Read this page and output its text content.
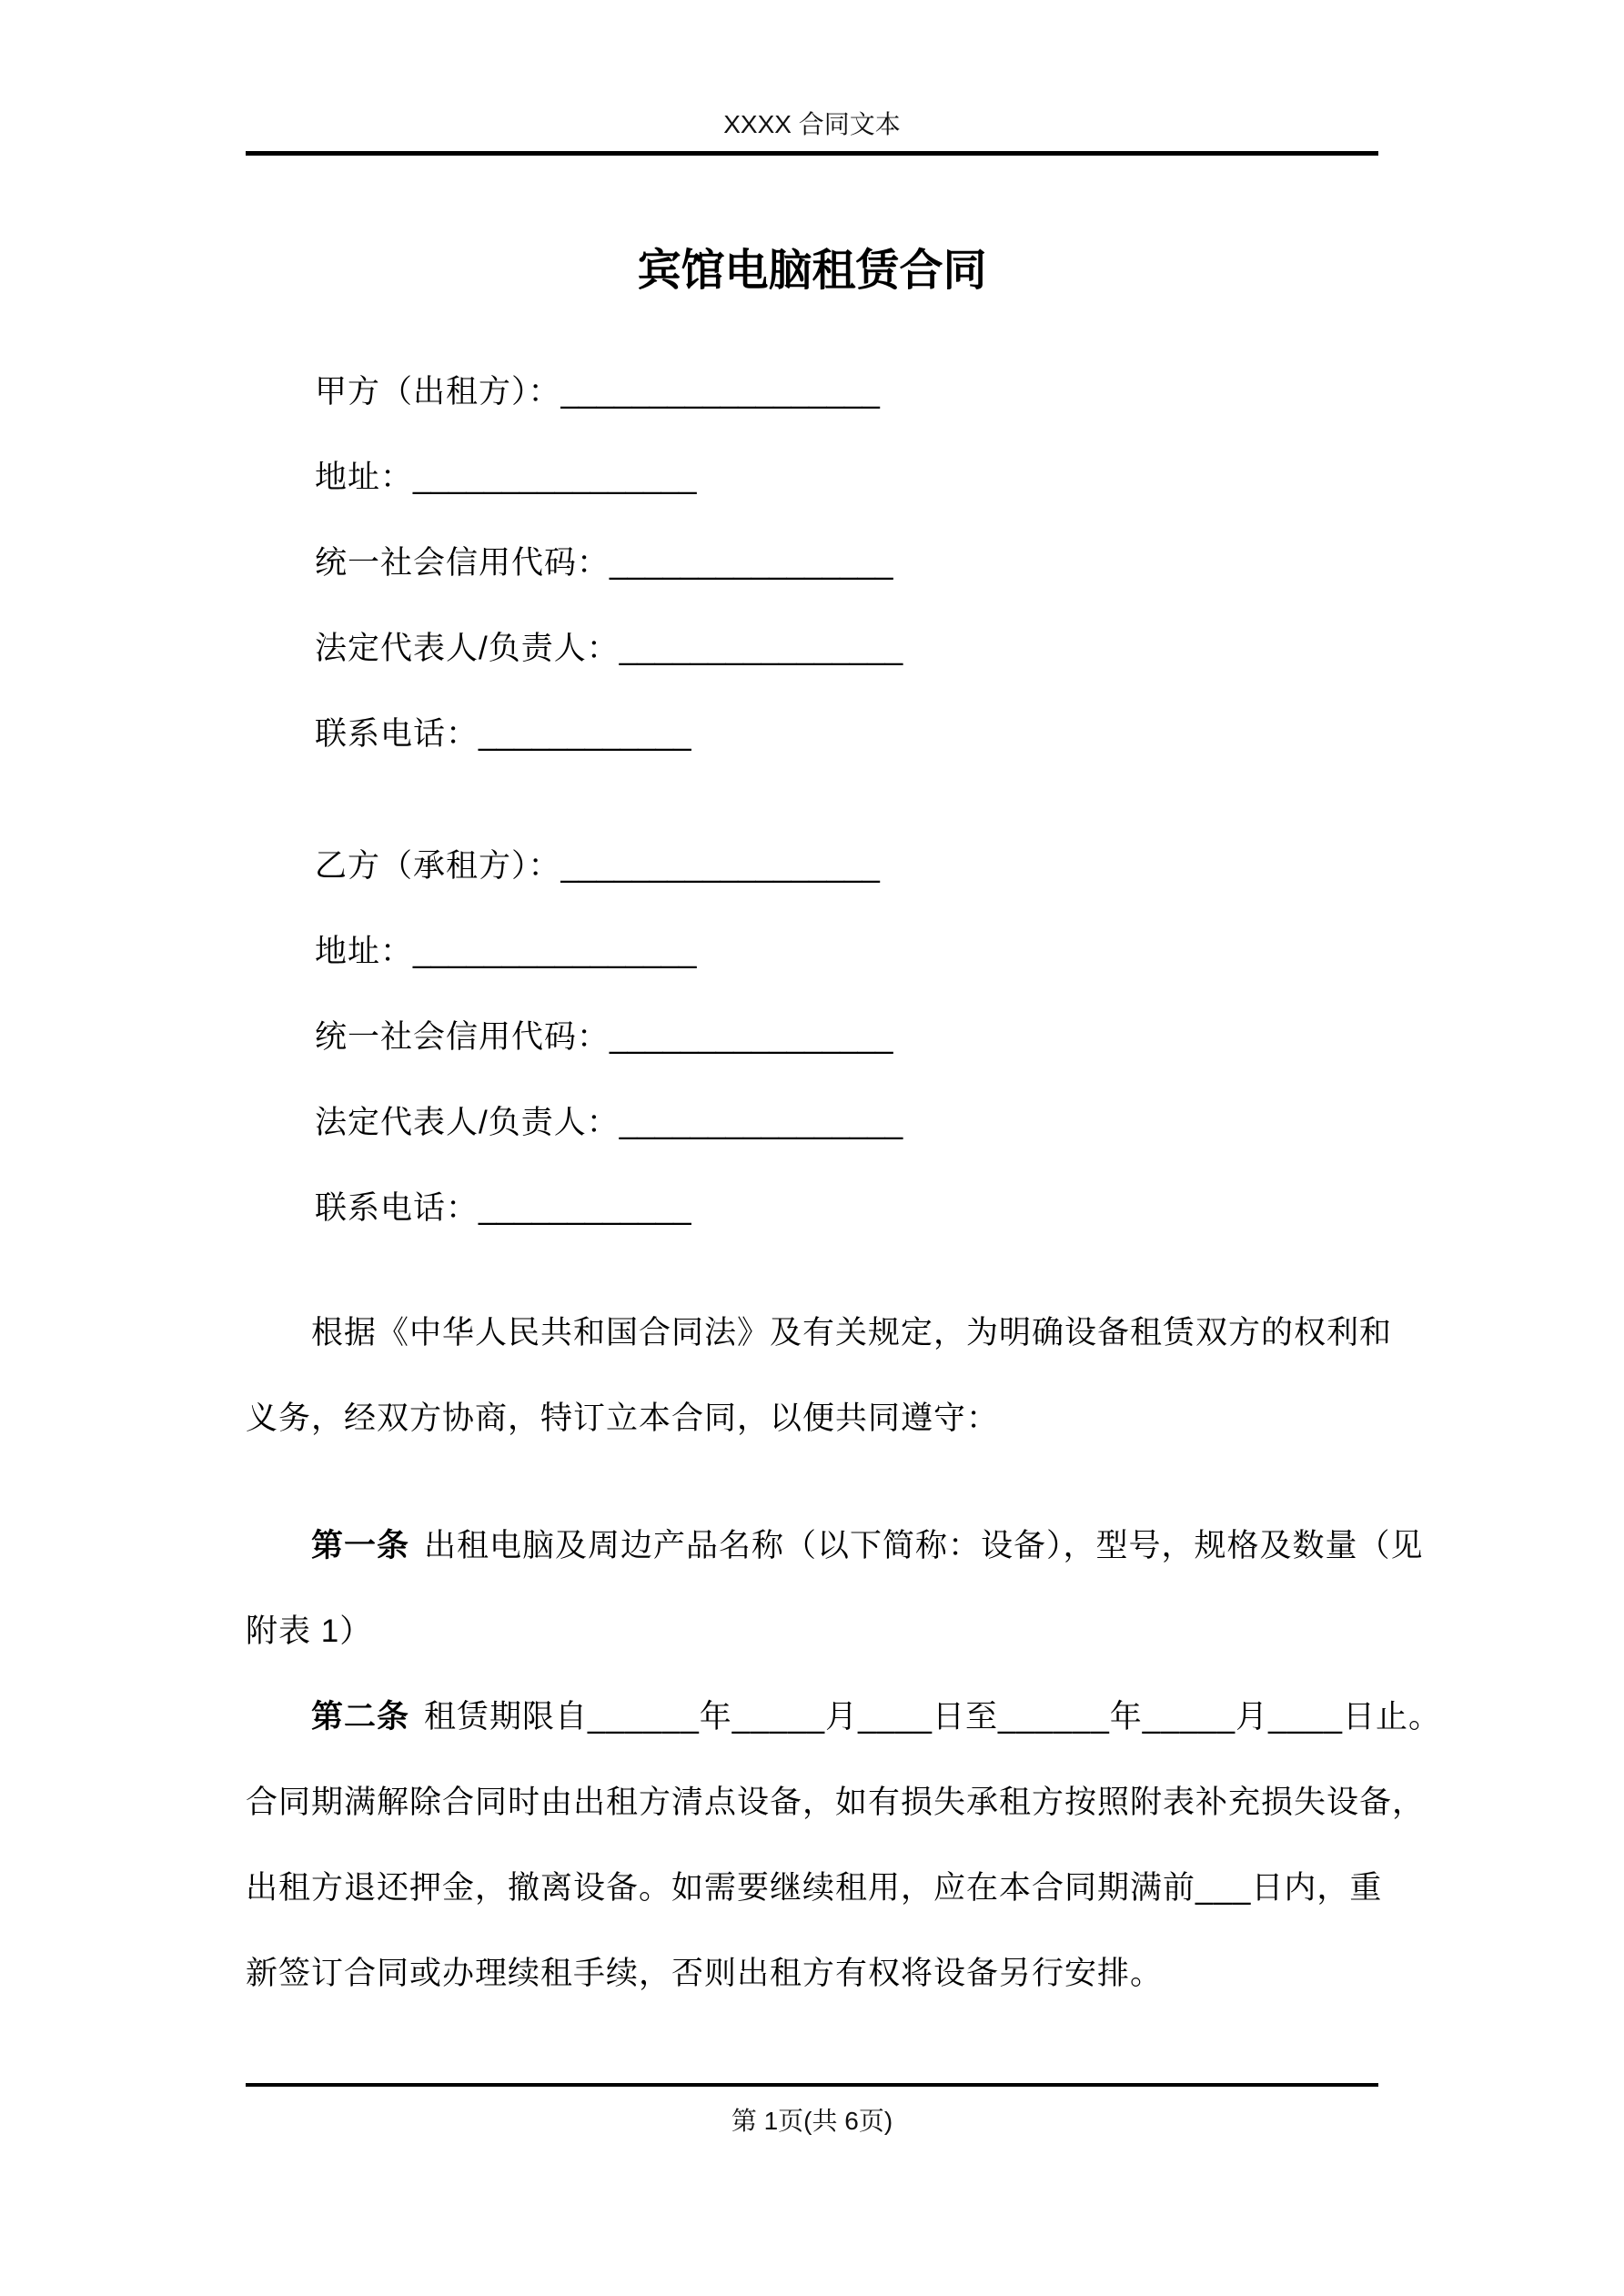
XXXX 合同文本
宾馆电脑租赁合同
甲方（出租方）：__________________
地址：________________
统一社会信用代码：________________
法定代表人/负责人：________________
联系电话：____________
乙方（承租方）：__________________
地址：________________
统一社会信用代码：________________
法定代表人/负责人：________________
联系电话：____________
根据《中华人民共和国合同法》及有关规定，为明确设备租赁双方的权利和
义务，经双方协商，特订立本合同，以便共同遵守：
第一条 出租电脑及周边产品名称（以下简称：设备），型号，规格及数量（见
附表 1）
第二条 租赁期限自______年_____月____日至______年_____月____日止。
合同期满解除合同时由出租方清点设备，如有损失承租方按照附表补充损失设备，
出租方退还押金，撤离设备。如需要继续租用，应在本合同期满前___日内，重
新签订合同或办理续租手续，否则出租方有权将设备另行安排。
第 1页(共 6页)
